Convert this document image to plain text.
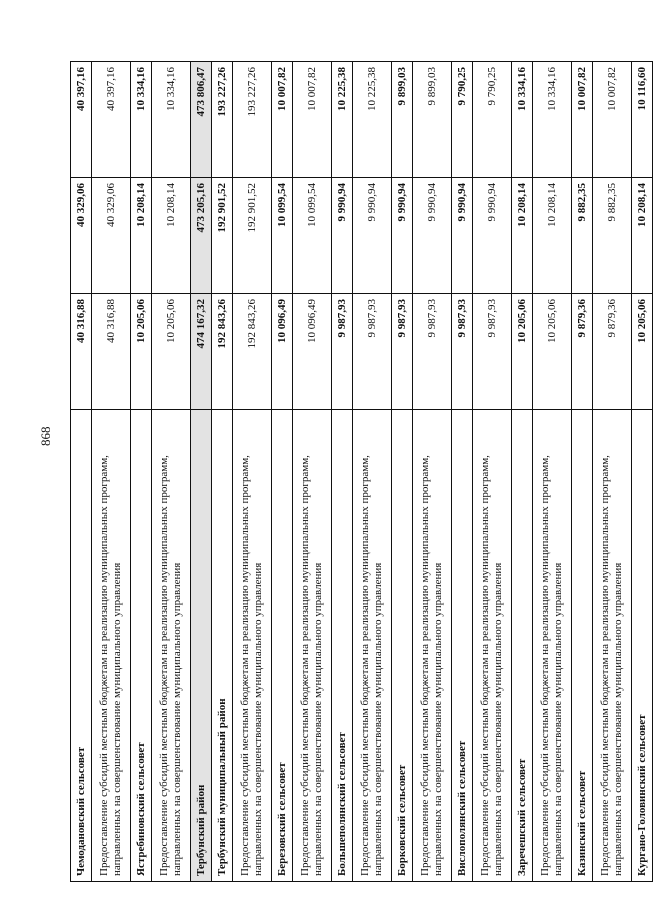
868
Чемодановский сельсовет	40 316,88	40 329,06	40 397,16
Предоставление субсидий местным бюджетам на реализацию муниципальных программ, направленных на совершенствование муниципального управления	40 316,88	40 329,06	40 397,16
Ястребиновский сельсовет	10 205,06	10 208,14	10 334,16
Предоставление субсидий местным бюджетам на реализацию муниципальных программ, направленных на совершенствование муниципального управления	10 205,06	10 208,14	10 334,16
Тербунский район	474 167,32	473 205,16	473 806,47
Тербунский муниципальный район	192 843,26	192 901,52	193 227,26
Предоставление субсидий местным бюджетам на реализацию муниципальных программ, направленных на совершенствование муниципального управления	192 843,26	192 901,52	193 227,26
Березовский сельсовет	10 096,49	10 099,54	10 007,82
Предоставление субсидий местным бюджетам на реализацию муниципальных программ, направленных на совершенствование муниципального управления	10 096,49	10 099,54	10 007,82
Большеполянский сельсовет	9 987,93	9 990,94	10 225,38
Предоставление субсидий местным бюджетам на реализацию муниципальных программ, направленных на совершенствование муниципального управления	9 987,93	9 990,94	10 225,38
Борковский сельсовет	9 987,93	9 990,94	9 899,03
Предоставление субсидий местным бюджетам на реализацию муниципальных программ, направленных на совершенствование муниципального управления	9 987,93	9 990,94	9 899,03
Вислополянский сельсовет	9 987,93	9 990,94	9 790,25
Предоставление субсидий местным бюджетам на реализацию муниципальных программ, направленных на совершенствование муниципального управления	9 987,93	9 990,94	9 790,25
Заречешский сельсовет	10 205,06	10 208,14	10 334,16
Предоставление субсидий местным бюджетам на реализацию муниципальных программ, направленных на совершенствование муниципального управления	10 205,06	10 208,14	10 334,16
Казинский сельсовет	9 879,36	9 882,35	10 007,82
Предоставление субсидий местным бюджетам на реализацию муниципальных программ, направленных на совершенствование муниципального управления	9 879,36	9 882,35	10 007,82
Кургано-Головинский сельсовет	10 205,06	10 208,14	10 116,60
